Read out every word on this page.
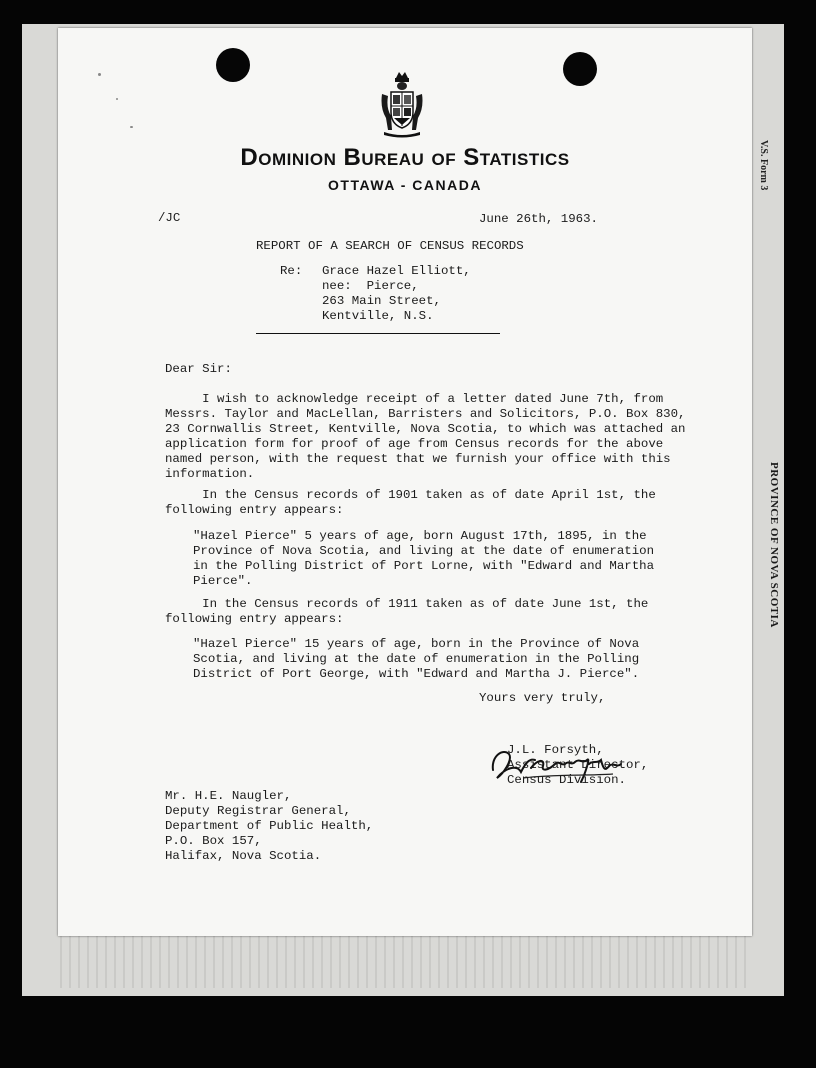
V.S. Form 3
PROVINCE OF NOVA SCOTIA
Dominion Bureau of Statistics
OTTAWA - CANADA
/JC	June 26th, 1963.
REPORT OF A SEARCH OF CENSUS RECORDS
Re: Grace Hazel Elliott,
nee:  Pierce,
263 Main Street,
Kentville, N.S.
Dear Sir:
I wish to acknowledge receipt of a letter dated June 7th, from
Messrs. Taylor and MacLellan, Barristers and Solicitors, P.O. Box 830,
23 Cornwallis Street, Kentville, Nova Scotia, to which was attached an
application form for proof of age from Census records for the above
named person, with the request that we furnish your office with this
information.
In the Census records of 1901 taken as of date April 1st, the
following entry appears:
"Hazel Pierce" 5 years of age, born August 17th, 1895, in the
Province of Nova Scotia, and living at the date of enumeration
in the Polling District of Port Lorne, with "Edward and Martha
Pierce".
In the Census records of 1911 taken as of date June 1st, the
following entry appears:
"Hazel Pierce" 15 years of age, born in the Province of Nova
Scotia, and living at the date of enumeration in the Polling
District of Port George, with "Edward and Martha J. Pierce".
Yours very truly,
J.L. Forsyth,
Assistant Director,
Census Division.
Mr. H.E. Naugler,
Deputy Registrar General,
Department of Public Health,
P.O. Box 157,
Halifax, Nova Scotia.
